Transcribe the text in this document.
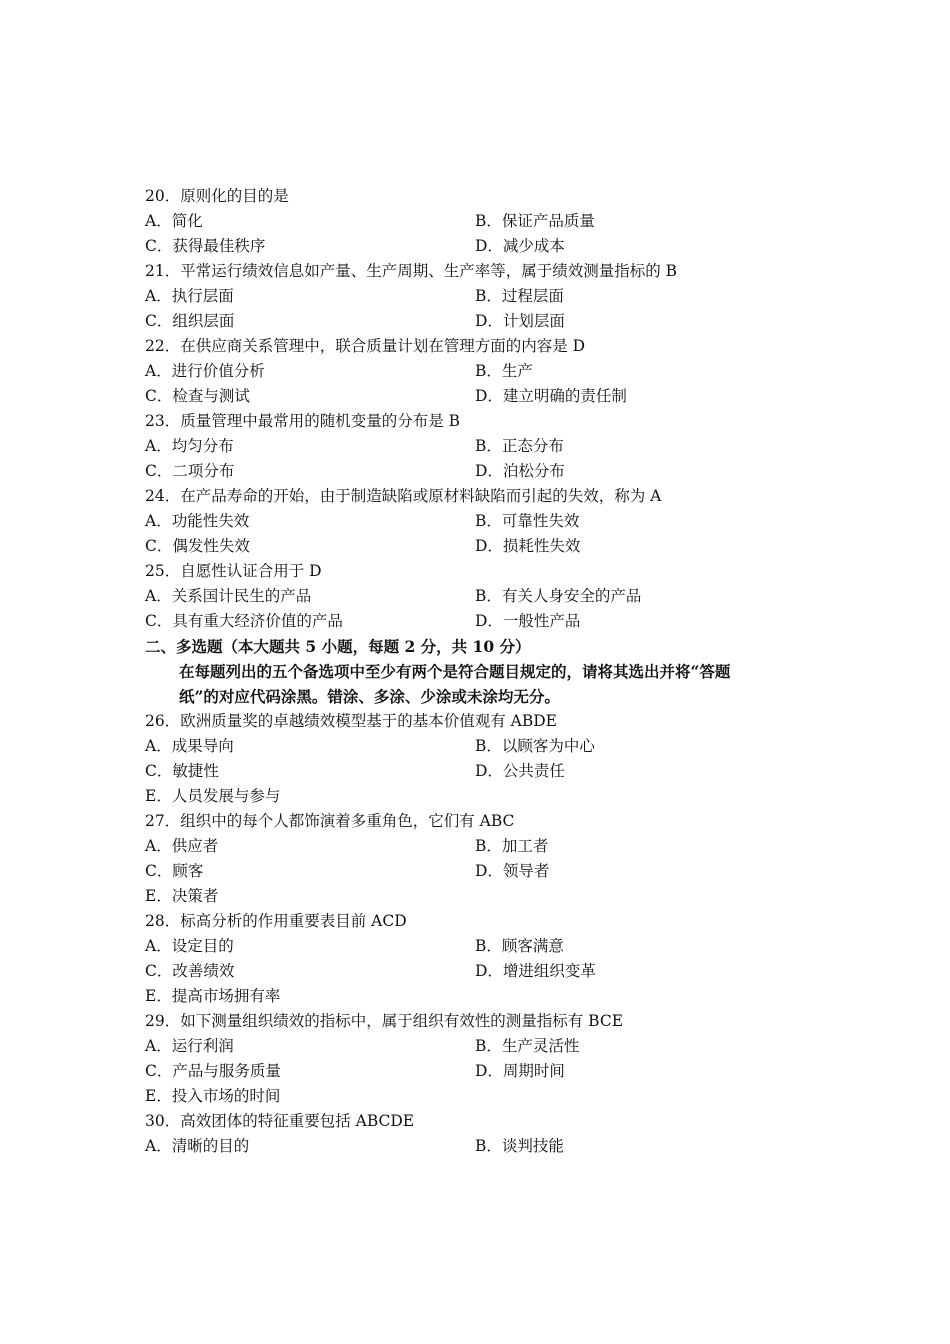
20．原则化的目的是
A．简化	B．保证产品质量
C．获得最佳秩序	D．减少成本
21．平常运行绩效信息如产量、生产周期、生产率等，属于绩效测量指标的 B
A．执行层面	B．过程层面
C．组织层面	D．计划层面
22．在供应商关系管理中，联合质量计划在管理方面的内容是 D
A．进行价值分析	B．生产
C．检查与测试	D．建立明确的责任制
23．质量管理中最常用的随机变量的分布是 B
A．均匀分布	B．正态分布
C．二项分布	D．泊松分布
24．在产品寿命的开始，由于制造缺陷或原材料缺陷而引起的失效，称为 A
A．功能性失效	B．可靠性失效
C．偶发性失效	D．损耗性失效
25．自愿性认证合用于 D
A．关系国计民生的产品	B．有关人身安全的产品
C．具有重大经济价值的产品	D．一般性产品
二、多选题（本大题共 5 小题，每题 2 分，共 10 分）
在每题列出的五个备选项中至少有两个是符合题目规定的，请将其选出并将“答题
纸”的对应代码涂黑。错涂、多涂、少涂或未涂均无分。
26．欧洲质量奖的卓越绩效模型基于的基本价值观有 ABDE
A．成果导向	B．以顾客为中心
C．敏捷性	D．公共责任
E．人员发展与参与
27．组织中的每个人都饰演着多重角色，它们有 ABC
A．供应者	B．加工者
C．顾客	D．领导者
E．决策者
28．标高分析的作用重要表目前 ACD
A．设定目的	B．顾客满意
C．改善绩效	D．增进组织变革
E．提高市场拥有率
29．如下测量组织绩效的指标中，属于组织有效性的测量指标有 BCE
A．运行利润	B．生产灵活性
C．产品与服务质量	D．周期时间
E．投入市场的时间
30．高效团体的特征重要包括 ABCDE
A．清晰的目的	B．谈判技能
